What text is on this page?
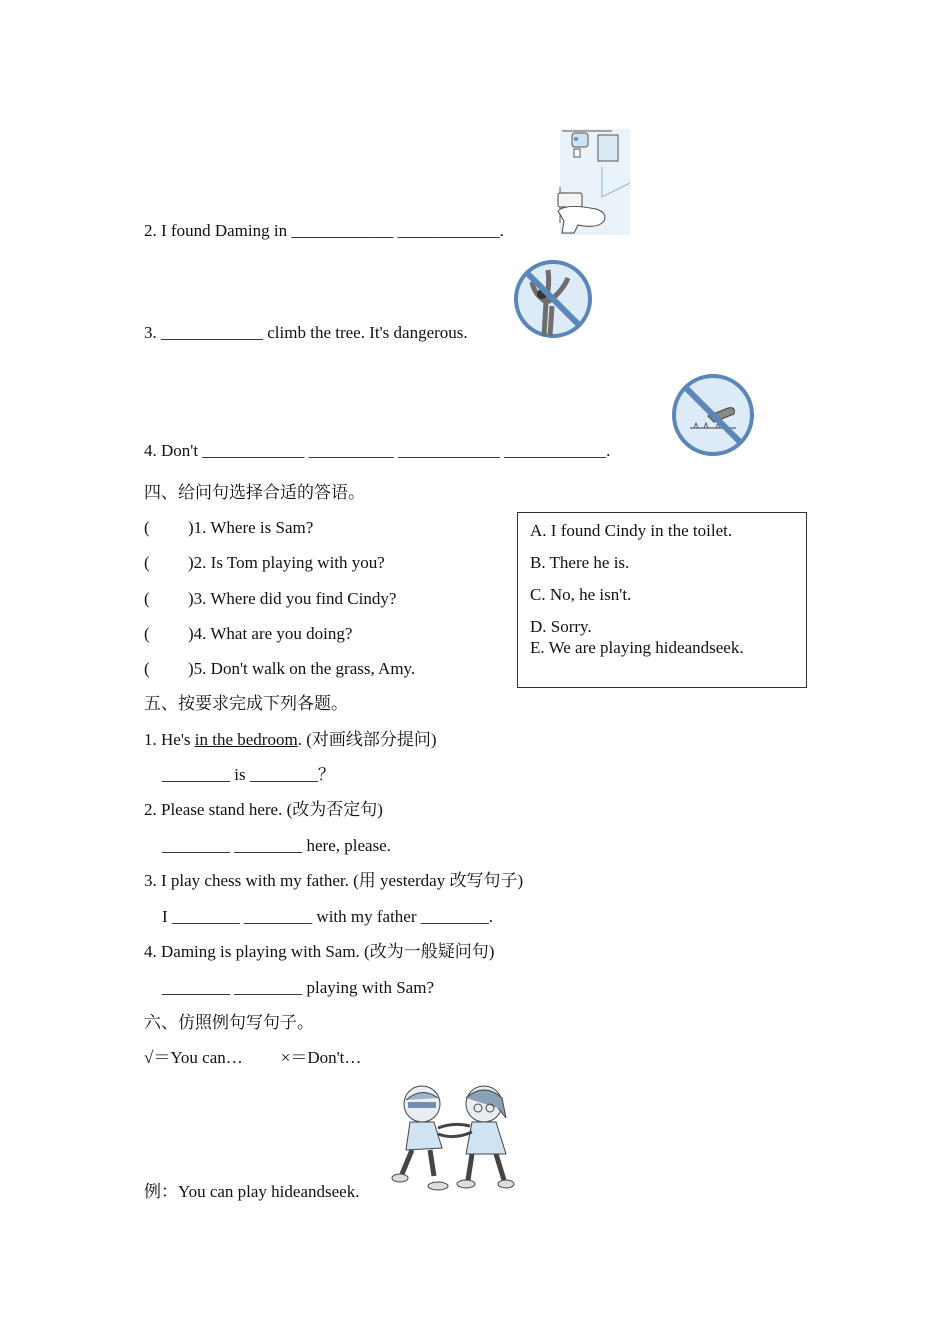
2. I found Daming in ____________ ____________.
3. ____________ climb the tree. It's dangerous.
4. Don't ____________ __________ ____________ ____________.
四、给问句选择合适的答语。
( )1. Where is Sam?
( )2. Is Tom playing with you?
( )3. Where did you find Cindy?
( )4. What are you doing?
( )5. Don't walk on the grass, Amy.
A. I found Cindy in the toilet.
B. There he is.
C. No, he isn't.
D. Sorry.
E. We are playing hideandseek.
五、按要求完成下列各题。
1. He's in the bedroom. (对画线部分提问)
________ is ________？
2. Please stand here. (改为否定句)
________ ________ here, please.
3. I play chess with my father. (用 yesterday 改写句子)
I ________ ________ with my father ________.
4. Daming is playing with Sam. (改为一般疑问句)
________ ________ playing with Sam?
六、仿照例句写句子。
√＝You can… ×＝Don't…
例：You can play hideandseek.
